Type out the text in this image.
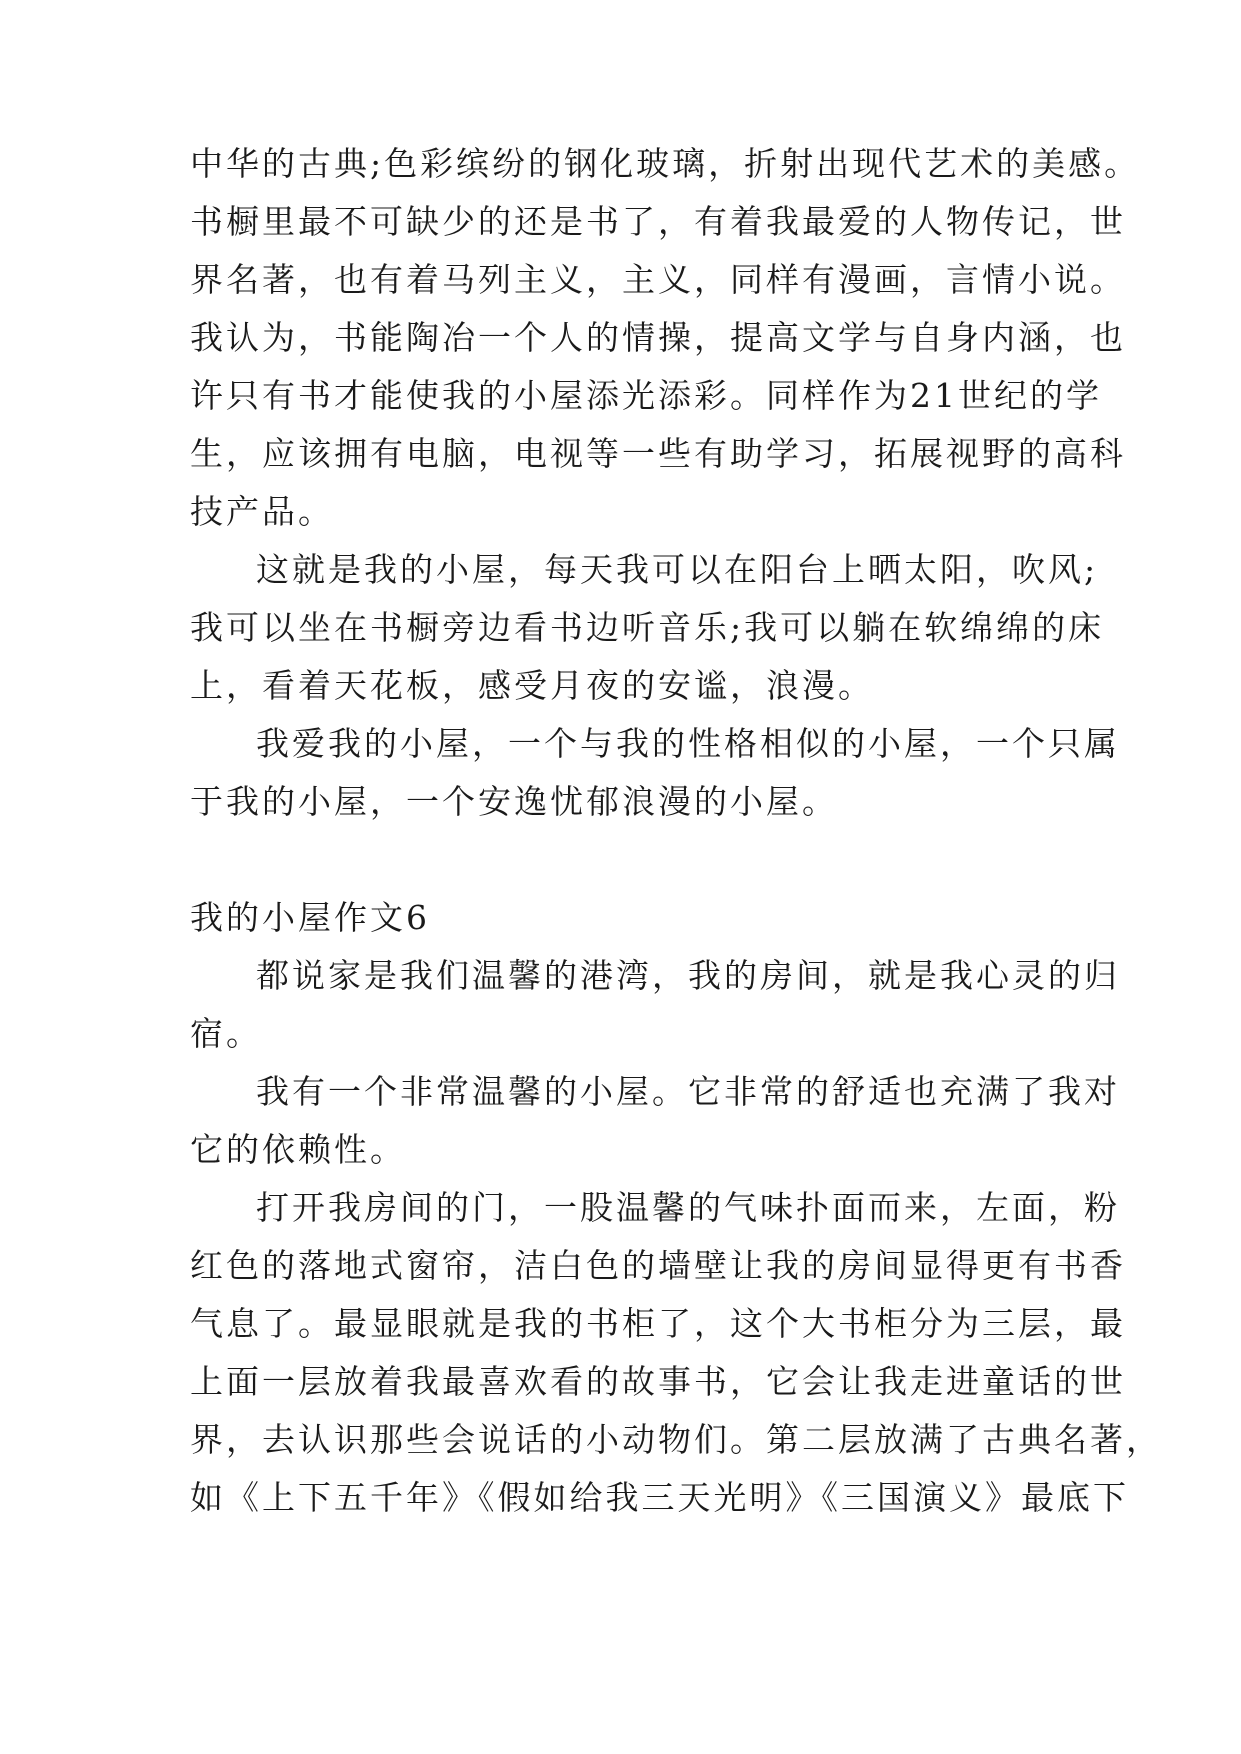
中华的古典;色彩缤纷的钢化玻璃，折射出现代艺术的美感。
书橱里最不可缺少的还是书了，有着我最爱的人物传记，世
界名著，也有着马列主义，主义，同样有漫画，言情小说。
我认为，书能陶冶一个人的情操，提高文学与自身内涵，也
许只有书才能使我的小屋添光添彩。同样作为21世纪的学
生，应该拥有电脑，电视等一些有助学习，拓展视野的高科
技产品。
这就是我的小屋，每天我可以在阳台上晒太阳，吹风;
我可以坐在书橱旁边看书边听音乐;我可以躺在软绵绵的床
上，看着天花板，感受月夜的安谧，浪漫。
我爱我的小屋，一个与我的性格相似的小屋，一个只属
于我的小屋，一个安逸忧郁浪漫的小屋。
我的小屋作文6
都说家是我们温馨的港湾，我的房间，就是我心灵的归
宿。
我有一个非常温馨的小屋。它非常的舒适也充满了我对
它的依赖性。
打开我房间的门，一股温馨的气味扑面而来，左面，粉
红色的落地式窗帘，洁白色的墙壁让我的房间显得更有书香
气息了。最显眼就是我的书柜了，这个大书柜分为三层，最
上面一层放着我最喜欢看的故事书，它会让我走进童话的世
界，去认识那些会说话的小动物们。第二层放满了古典名著，
如《上下五千年》《假如给我三天光明》《三国演义》最底下
